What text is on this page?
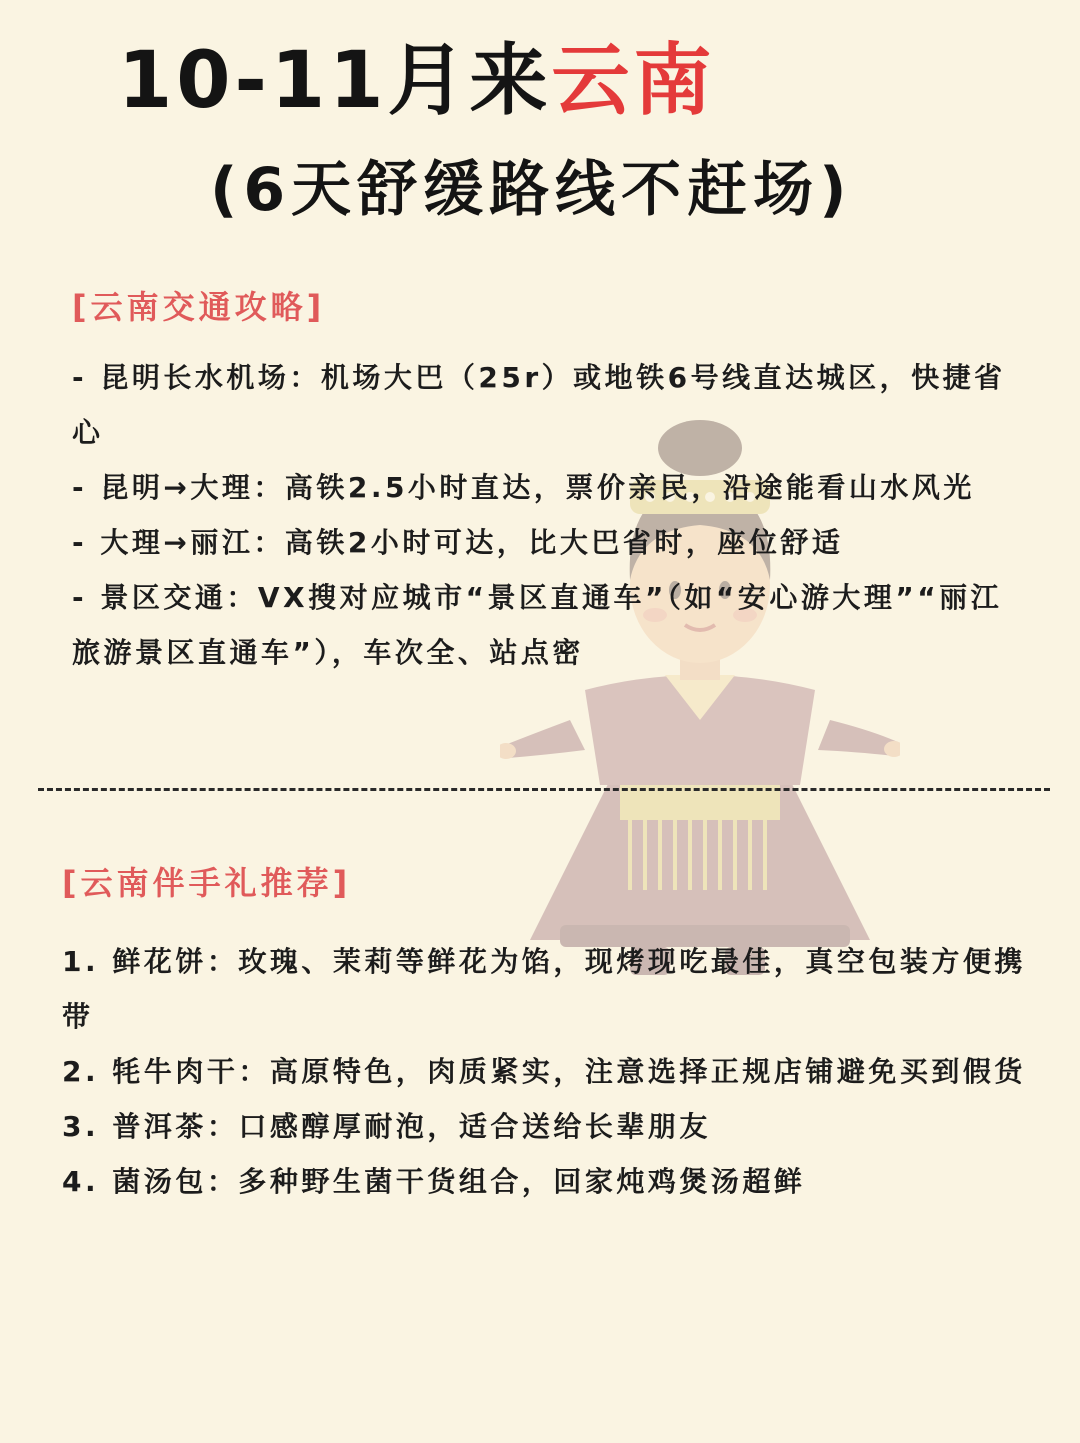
10-11月来云南
(6天舒缓路线不赶场)
[云南交通攻略]
- 昆明长水机场：机场大巴（25r）或地铁6号线直达城区，快捷省心
- 昆明→大理：高铁2.5小时直达，票价亲民，沿途能看山水风光
- 大理→丽江：高铁2小时可达，比大巴省时，座位舒适
- 景区交通：VX搜对应城市“景区直通车”（如“安心游大理”“丽江旅游景区直通车”），车次全、站点密
[云南伴手礼推荐]
1. 鲜花饼：玫瑰、茉莉等鲜花为馅，现烤现吃最佳，真空包装方便携带
2. 牦牛肉干：高原特色，肉质紧实，注意选择正规店铺避免买到假货
3. 普洱茶：口感醇厚耐泡，适合送给长辈朋友
4. 菌汤包：多种野生菌干货组合，回家炖鸡煲汤超鲜
